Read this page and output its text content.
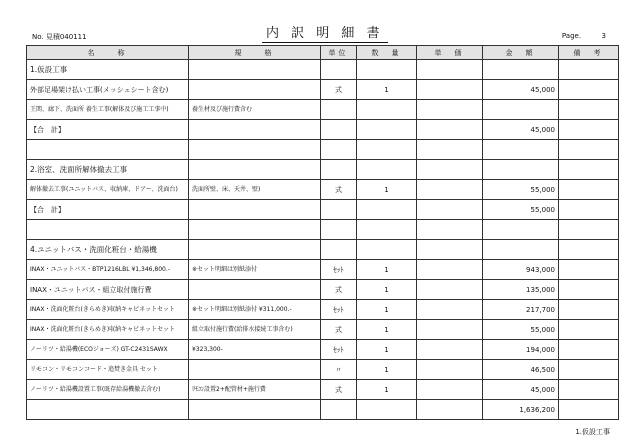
No. 見積040111	内 訳 明 細 書	Page.	3
名　　称	規　　格	単位	数　量	単　価	金　額	備　考
1.仮設工事						
外部足場架け払い工事(メッシュシート含む)		式	1		45,000	
王関、廊下、洗面所 養生工事(解体及び施工工事中)	養生材及び施行費含む					
【合　計】					45,000	

2.浴室、洗面所解体撤去工事						
解体撤去工事(ユニットバス、収納庫、ドアー、洗面台)	洗面所壁、床、天井、壁)	式	1		55,000	
【合　計】					55,000	

4.ユニットバス・洗面化粧台・給湯機						
INAX・ユニットバス・BTP1216LBL ¥1,346,800.-	※セット明細は別紙添付	ｾｯﾄ	1		943,000	
INAX・ユニットバス・組立取付施行費		式	1		135,000	
INAX・洗面化粧台(きらめき)収納キャビネットセット	※セット明細は別紙添付 ¥311,000.-	ｾｯﾄ	1		217,700	
INAX・洗面化粧台(きらめき)収納キャビネットセット	組立取付施行費(給排水接続工事含む)	式	1		55,000	
ノーリツ・給湯機(ECOジョーズ) GT-C2431SAWX	¥323,300-	ｾｯﾄ	1		194,000	
リモコン・リモコンコード・追焚き金具 セット		〃	1		46,500	
ノーリツ・給湯機設置工事(既存給湯機撤去含む)	ﾘﾓｺﾝ設置2+配管材+施行費	式	1		45,000	
					1,636,200	
1.仮設工事
